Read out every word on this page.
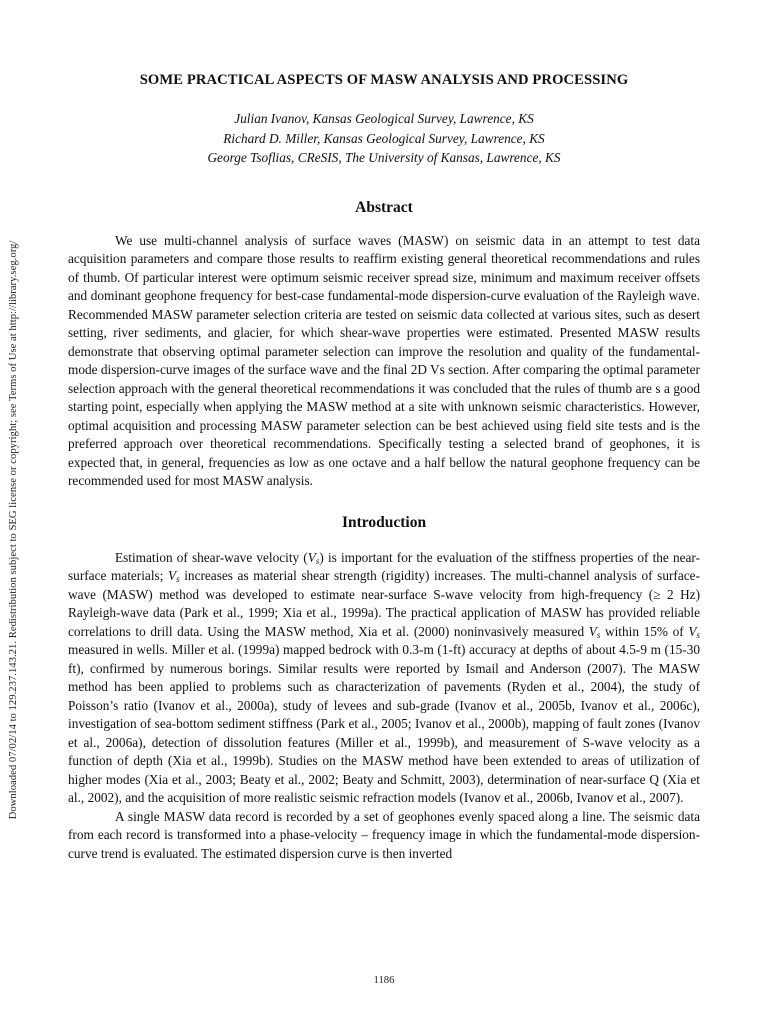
Downloaded 07/02/14 to 129.237.143.21. Redistribution subject to SEG license or copyright; see Terms of Use at http://library.seg.org/
SOME PRACTICAL ASPECTS OF MASW ANALYSIS AND PROCESSING
Julian Ivanov, Kansas Geological Survey, Lawrence, KS
Richard D. Miller, Kansas Geological Survey, Lawrence, KS
George Tsoflias, CReSIS, The University of Kansas, Lawrence, KS
Abstract

We use multi-channel analysis of surface waves (MASW) on seismic data in an attempt to test data acquisition parameters and compare those results to reaffirm existing general theoretical recommendations and rules of thumb. Of particular interest were optimum seismic receiver spread size, minimum and maximum receiver offsets and dominant geophone frequency for best-case fundamental-mode dispersion-curve evaluation of the Rayleigh wave. Recommended MASW parameter selection criteria are tested on seismic data collected at various sites, such as desert setting, river sediments, and glacier, for which shear-wave properties were estimated. Presented MASW results demonstrate that observing optimal parameter selection can improve the resolution and quality of the fundamental-mode dispersion-curve images of the surface wave and the final 2D Vs section. After comparing the optimal parameter selection approach with the general theoretical recommendations it was concluded that the rules of thumb are s a good starting point, especially when applying the MASW method at a site with unknown seismic characteristics. However, optimal acquisition and processing MASW parameter selection can be best achieved using field site tests and is the preferred approach over theoretical recommendations. Specifically testing a selected brand of geophones, it is expected that, in general, frequencies as low as one octave and a half bellow the natural geophone frequency can be recommended used for most MASW analysis.

Introduction

Estimation of shear-wave velocity $(V_s)$ is important for the evaluation of the stiffness properties of the near-surface materials; $V_s$ increases as material shear strength (rigidity) increases. The multi-channel analysis of surface-wave (MASW) method was developed to estimate near-surface S-wave velocity from high-frequency (≥ 2 Hz) Rayleigh-wave data (Park et al., 1999; Xia et al., 1999a). The practical application of MASW has provided reliable correlations to drill data. Using the MASW method, Xia et al. (2000) noninvasively measured $V_s$ within 15% of $V_s$ measured in wells. Miller et al. (1999a) mapped bedrock with 0.3-m (1-ft) accuracy at depths of about 4.5-9 m (15-30 ft), confirmed by numerous borings. Similar results were reported by Ismail and Anderson (2007). The MASW method has been applied to problems such as characterization of pavements (Ryden et al., 2004), the study of Poisson’s ratio (Ivanov et al., 2000a), study of levees and sub-grade (Ivanov et al., 2005b, Ivanov et al., 2006c), investigation of sea-bottom sediment stiffness (Park et al., 2005; Ivanov et al., 2000b), mapping of fault zones (Ivanov et al., 2006a), detection of dissolution features (Miller et al., 1999b), and measurement of S-wave velocity as a function of depth (Xia et al., 1999b). Studies on the MASW method have been extended to areas of utilization of higher modes (Xia et al., 2003; Beaty et al., 2002; Beaty and Schmitt, 2003), determination of near-surface Q (Xia et al., 2002), and the acquisition of more realistic seismic refraction models (Ivanov et al., 2006b, Ivanov et al., 2007).

A single MASW data record is recorded by a set of geophones evenly spaced along a line. The seismic data from each record is transformed into a phase-velocity – frequency image in which the fundamental-mode dispersion-curve trend is evaluated. The estimated dispersion curve is then inverted

1186
